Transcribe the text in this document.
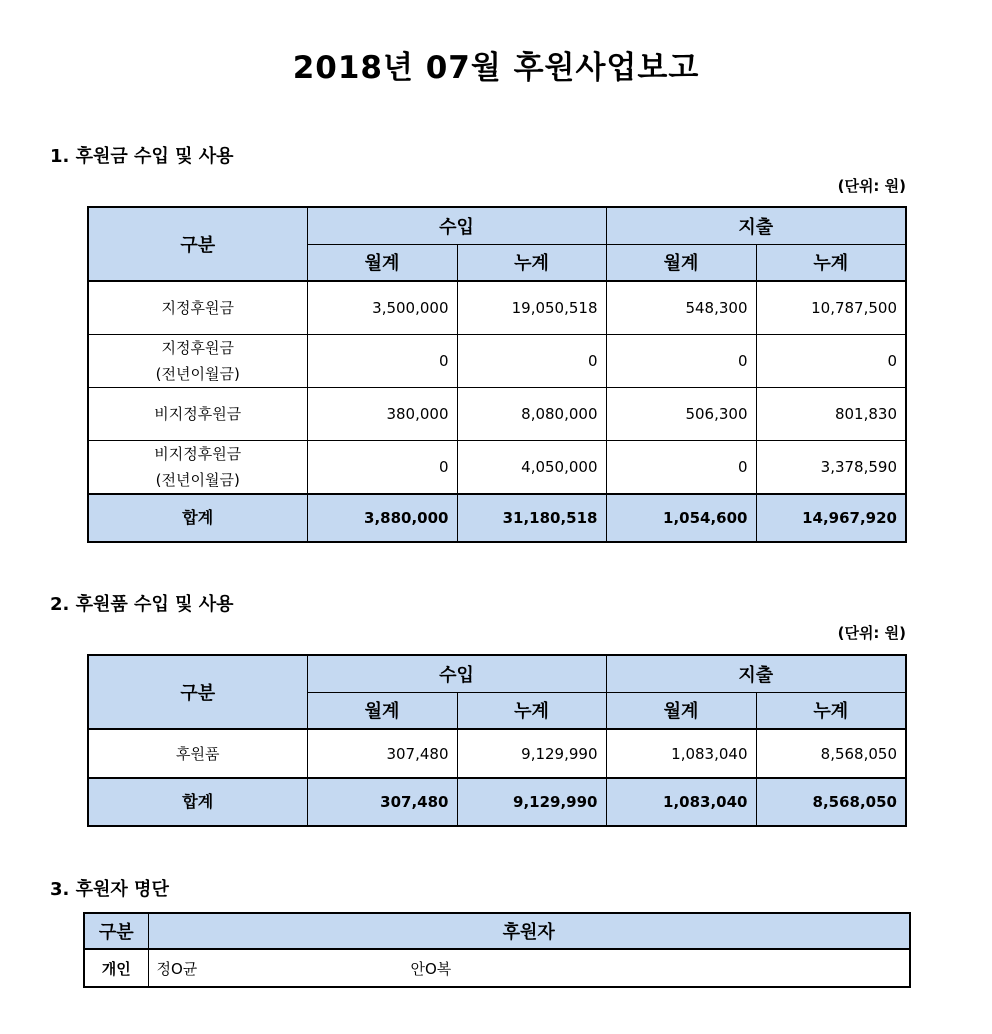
2018년 07월 후원사업보고
1. 후원금 수입 및 사용
(단위: 원)
구분	수입		지출	
	월계	누계	월계	누계
지정후원금	3,500,000	19,050,518	548,300	10,787,500

지정후원금
(전년이월금)	0	0	0	0
비지정후원금	380,000	8,080,000	506,300	801,830

비지정후원금
(전년이월금)	0	4,050,000	0	3,378,590
합계	3,880,000	31,180,518	1,054,600	14,967,920
2. 후원품 수입 및 사용
(단위: 원)
구분	수입		지출	
	월계	누계	월계	누계
후원품	307,480	9,129,990	1,083,040	8,568,050
합계	307,480	9,129,990	1,083,040	8,568,050
3. 후원자 명단
구분	후원자
개인	정O균 안O복
